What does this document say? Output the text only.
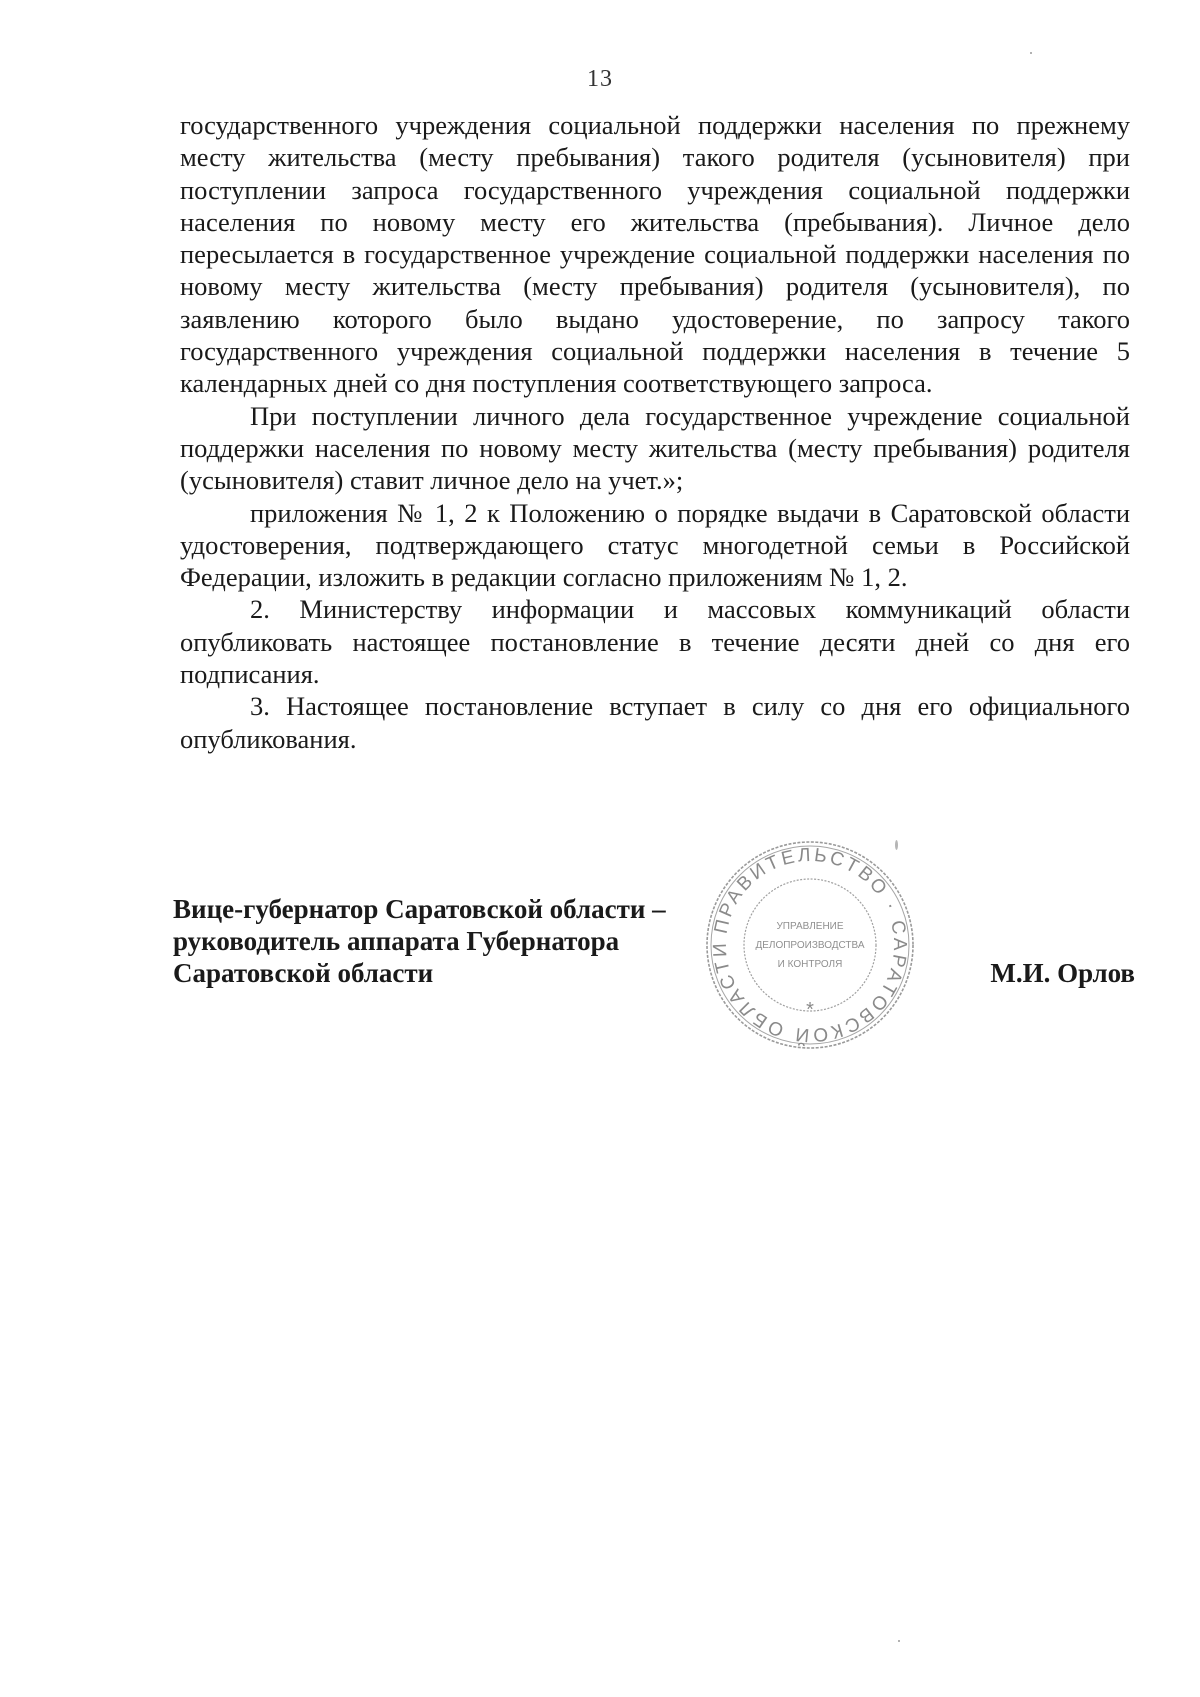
13

государственного учреждения социальной поддержки населения по прежнему месту жительства (месту пребывания) такого родителя (усыновителя) при поступлении запроса государственного учреждения социальной поддержки населения по новому месту его жительства (пребывания). Личное дело пересылается в государственное учреждение социальной поддержки населения по новому месту жительства (месту пребывания) родителя (усыновителя), по заявлению которого было выдано удостоверение, по запросу такого государственного учреждения социальной поддержки населения в течение 5 календарных дней со дня поступления соответствующего запроса.

При поступлении личного дела государственное учреждение социальной поддержки населения по новому месту жительства (месту пребывания) родителя (усыновителя) ставит личное дело на учет.»;

приложения № 1, 2 к Положению о порядке выдачи в Саратовской области удостоверения, подтверждающего статус многодетной семьи в Российской Федерации, изложить в редакции согласно приложениям № 1, 2.

2. Министерству информации и массовых коммуникаций области опубликовать настоящее постановление в течение десяти дней со дня его подписания.

3. Настоящее постановление вступает в силу со дня его официального опубликования.

Вице-губернатор Саратовской области –
руководитель аппарата Губернатора
Саратовской области
ПРАВИТЕЛЬСТВО · САРАТОВСКОЙ ОБЛАСТИ
*
УПРАВЛЕНИЕ
ДЕЛОПРОИЗВОДСТВА
И КОНТРОЛЯ	М.И. Орлов
